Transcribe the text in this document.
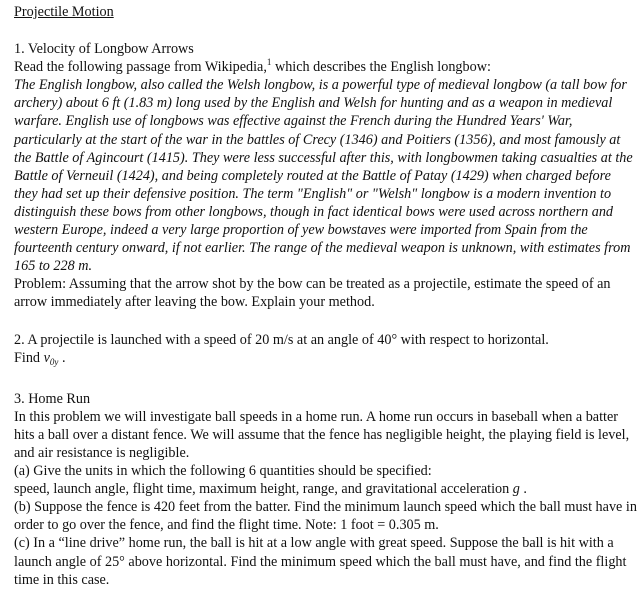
Projectile Motion
1. Velocity of Longbow Arrows

Read the following passage from Wikipedia,$^1$ which describes the English longbow:

The English longbow, also called the Welsh longbow, is a powerful type of medieval longbow (a tall bow for archery) about 6 ft (1.83 m) long used by the English and Welsh for hunting and as a weapon in medieval warfare. English use of longbows was effective against the French during the Hundred Years' War, particularly at the start of the war in the battles of Crecy (1346) and Poitiers (1356), and most famously at the Battle of Agincourt (1415). They were less successful after this, with longbowmen taking casualties at the Battle of Verneuil (1424), and being completely routed at the Battle of Patay (1429) when charged before they had set up their defensive position. The term "English" or "Welsh" longbow is a modern invention to distinguish these bows from other longbows, though in fact identical bows were used across northern and western Europe, indeed a very large proportion of yew bowstaves were imported from Spain from the fourteenth century onward, if not earlier. The range of the medieval weapon is unknown, with estimates from 165 to 228 m.

Problem: Assuming that the arrow shot by the bow can be treated as a projectile, estimate the speed of an arrow immediately after leaving the bow. Explain your method.

2. A projectile is launched with a speed of 20 m/s at an angle of 40° with respect to horizontal.

Find $v_{0y}$ .

3. Home Run

In this problem we will investigate ball speeds in a home run. A home run occurs in baseball when a batter hits a ball over a distant fence. We will assume that the fence has negligible height, the playing field is level, and air resistance is negligible.

(a) Give the units in which the following 6 quantities should be specified:

speed, launch angle, flight time, maximum height, range, and gravitational acceleration g .

(b) Suppose the fence is 420 feet from the batter. Find the minimum launch speed which the ball must have in order to go over the fence, and find the flight time. Note: 1 foot = 0.305 m.

(c) In a “line drive” home run, the ball is hit at a low angle with great speed. Suppose the ball is hit with a launch angle of 25° above horizontal. Find the minimum speed which the ball must have, and find the flight time in this case.
